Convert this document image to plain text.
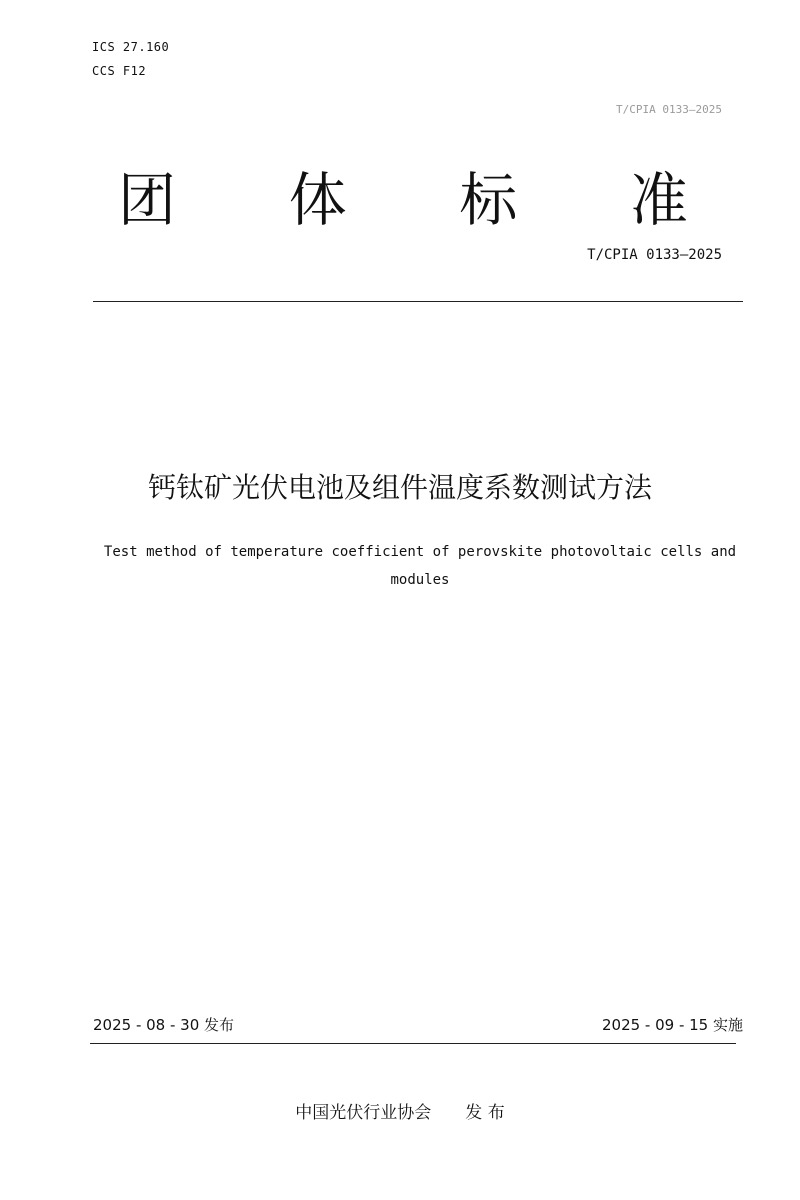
ICS 27.160
CCS F12
T/CPIA 0133—2025
团 体 标 准
T/CPIA 0133—2025
钙钛矿光伏电池及组件温度系数测试方法
Test method of temperature coefficient of perovskite photovoltaic cells and modules
2025 - 08 - 30 发布	2025 - 09 - 15 实施
中国光伏行业协会 发 布
